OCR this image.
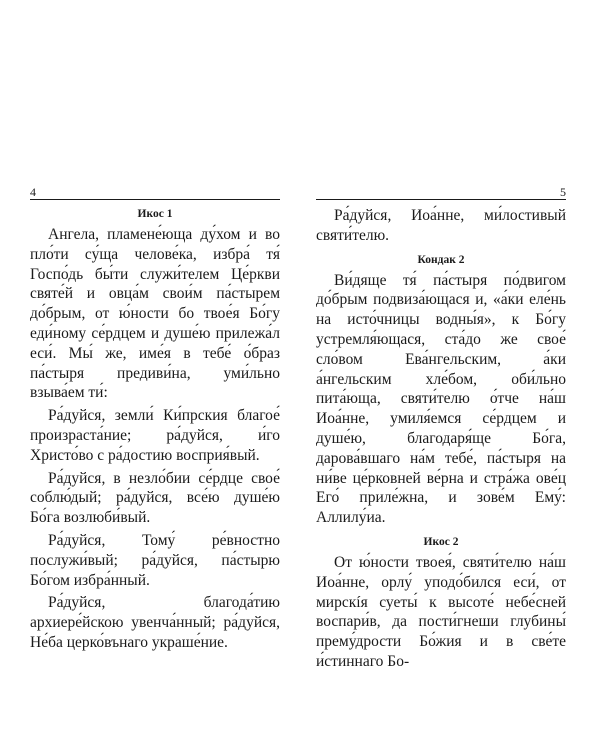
4
Икос 1

Ангела, пламене́юща ду́хом и во пло́ти су́ща челове́ка, избра́ тя́ Госпо́дь бы́ти служи́телем Це́ркви святе́й и овца́м свои́м па́стырем до́брым, от ю́ности бо твое́я Бо́гу еди́ному се́рдцем и душе́ю прилежа́л еси́. Мы́ же, име́я в тебе́ о́браз па́стыря предиви́на, уми́льно взыва́ем ти́:

Ра́дуйся, земли́ Ки́прския благое́ произраста́ние; ра́дуйся, и́го Христо́во с ра́достию восприя́вый.

Ра́дуйся, в незло́бии се́рдце свое́ соблю́дый; ра́дуйся, все́ю душе́ю Бо́га возлюби́вый.

Ра́дуйся, Тому́ ре́вностно послужи́вый; ра́дуйся, па́стырю Бо́гом избра́нный.

Ра́дуйся, благода́тию архиере́йскою увенча́нный; ра́дуйся, Не́ба церко́вънаго украше́ние.

5

Ра́дуйся, Иоа́нне, ми́лостивый святи́телю.

Кондак 2

Ви́дяще тя́ па́стыря по́двигом до́брым подвиза́ющася и, «а́ки еле́нь на исто́чницы водны́я», к Бо́гу устремля́ющася, ста́до же свое́ сло́вом Ева́нгельским, а́ки а́нгельским хле́бом, оби́льно пита́юща, святи́телю о́тче на́ш Иоа́нне, умиля́емся се́рдцем и душе́ю, благодаря́ще Бо́га, дарова́вшаго на́м тебе́, па́стыря на ни́ве це́рковней ве́рна и стра́жа ове́ц Его́ приле́жна, и зове́м Ему́: Аллилу́иа.

Икос 2

От ю́ности твоея́, святи́телю на́ш Иоа́нне, орлу́ уподо́бился еси́, от мирскíя суеты́ к высоте́ небе́сней воспари́в, да пости́гнеши глубины́ прему́дрости Бо́жия и в све́те и́стиннаго Бо-
